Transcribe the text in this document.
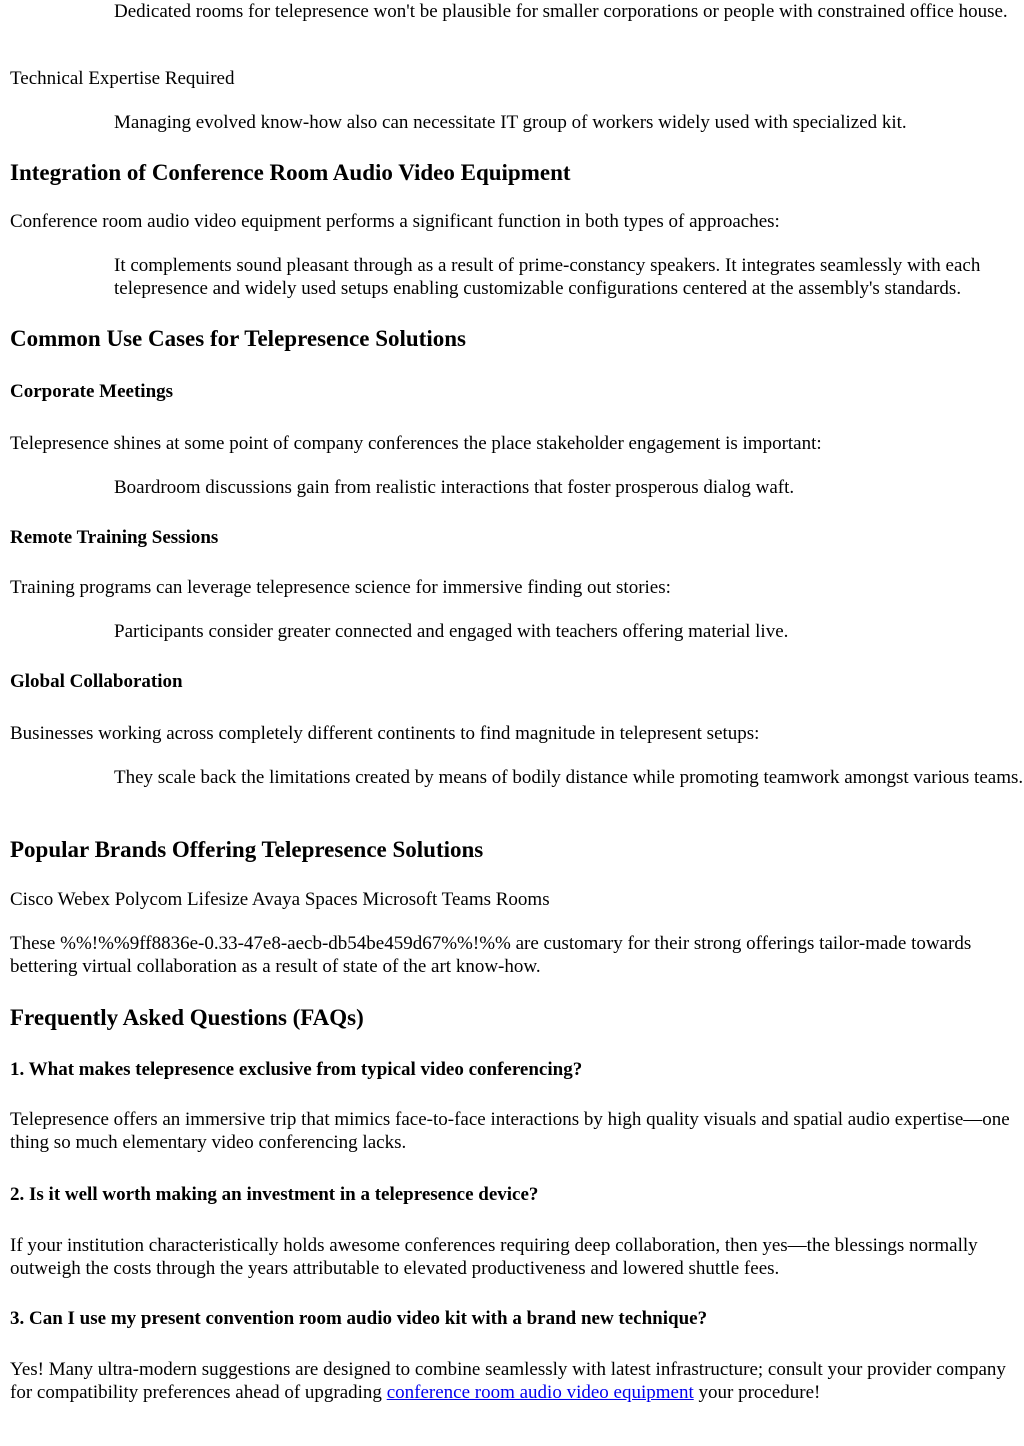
Dedicated rooms for telepresence won't be plausible for smaller corporations or people with constrained office house.

Technical Expertise Required

Managing evolved know-how also can necessitate IT group of workers widely used with specialized kit.

Integration of Conference Room Audio Video Equipment

Conference room audio video equipment performs a significant function in both types of approaches:

It complements sound pleasant through as a result of prime-constancy speakers. It integrates seamlessly with each telepresence and widely used setups enabling customizable configurations centered at the assembly's standards.

Common Use Cases for Telepresence Solutions
Corporate Meetings

Telepresence shines at some point of company conferences the place stakeholder engagement is important:

Boardroom discussions gain from realistic interactions that foster prosperous dialog waft.

Remote Training Sessions

Training programs can leverage telepresence science for immersive finding out stories:

Participants consider greater connected and engaged with teachers offering material live.

Global Collaboration

Businesses working across completely different continents to find magnitude in telepresent setups:

They scale back the limitations created by means of bodily distance while promoting teamwork amongst various teams.

Popular Brands Offering Telepresence Solutions

Cisco Webex Polycom Lifesize Avaya Spaces Microsoft Teams Rooms

These %%!%%9ff8836e-0.33-47e8-aecb-db54be459d67%%!%% are customary for their strong offerings tailor-made towards bettering virtual collaboration as a result of state of the art know-how.

Frequently Asked Questions (FAQs)
1. What makes telepresence exclusive from typical video conferencing?

Telepresence offers an immersive trip that mimics face-to-face interactions by high quality visuals and spatial audio expertise—one thing so much elementary video conferencing lacks.

2. Is it well worth making an investment in a telepresence device?

If your institution characteristically holds awesome conferences requiring deep collaboration, then yes—the blessings normally outweigh the costs through the years attributable to elevated productiveness and lowered shuttle fees.

3. Can I use my present convention room audio video kit with a brand new technique?

Yes! Many ultra-modern suggestions are designed to combine seamlessly with latest infrastructure; consult your provider company for compatibility preferences ahead of upgrading conference room audio video equipment your procedure!
